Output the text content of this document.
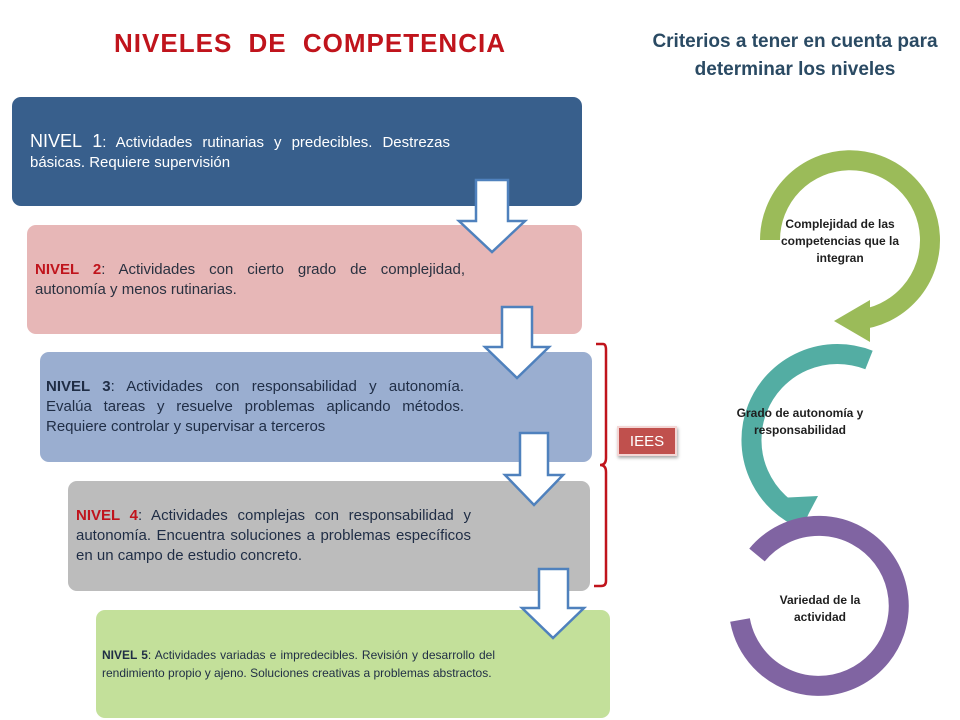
NIVELES DE COMPETENCIA	Criterios a tener en cuenta para determinar los niveles
NIVEL 1: Actividades rutinarias y predecibles. Destrezas básicas. Requiere supervisión
NIVEL 2: Actividades con cierto grado de complejidad, autonomía y menos rutinarias.
NIVEL 3: Actividades con responsabilidad y autonomía. Evalúa tareas y resuelve problemas aplicando métodos. Requiere controlar y supervisar a terceros
NIVEL 4: Actividades complejas con responsabilidad y autonomía. Encuentra soluciones a problemas específicos en un campo de estudio concreto.
NIVEL 5: Actividades variadas e impredecibles. Revisión y desarrollo del rendimiento propio y ajeno. Soluciones creativas a problemas abstractos.
IEES
Complejidad de las competencias que la integran
Grado de autonomía y responsabilidad
Variedad de la actividad
